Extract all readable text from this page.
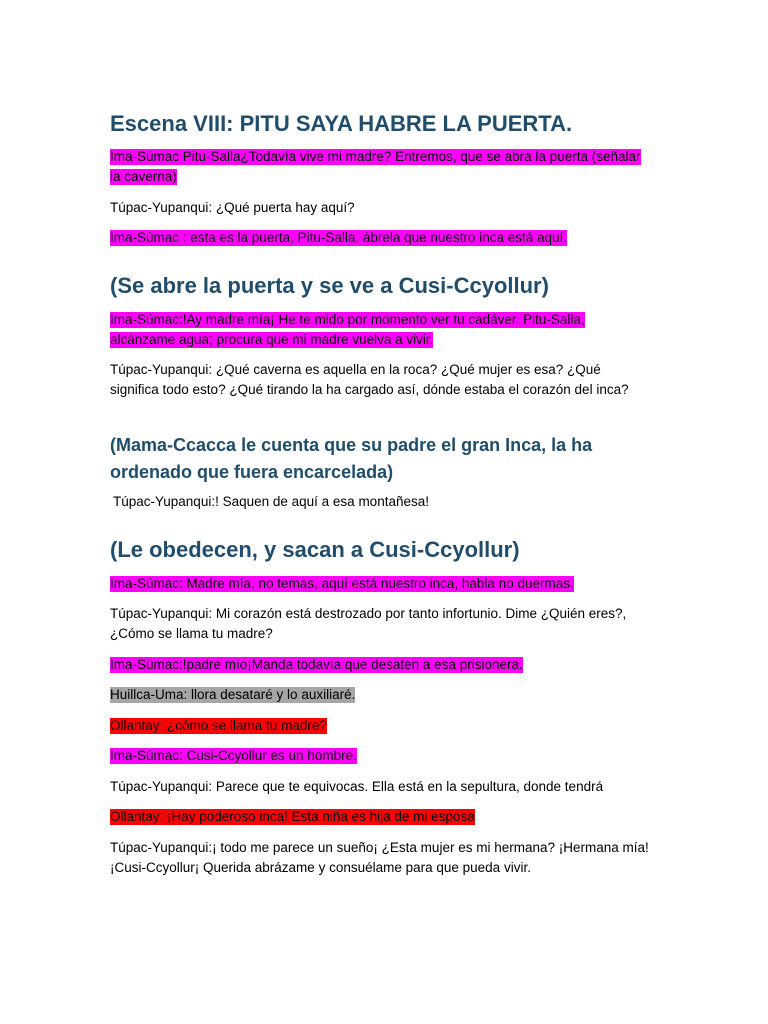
Escena VIII: PITU SAYA HABRE LA PUERTA.

Ima-Súmac Pitu-Salla¿Todavía vive mi madre? Entremos, que se abra la puerta (señalar la caverna)

Túpac-Yupanqui: ¿Qué puerta hay aquí?

Ima-Súmac : esta es la puerta, Pitu-Salla, ábrela que nuestro inca está aquí.

(Se abre la puerta y se ve a Cusi-Ccyollur)

Ima-Súmac:!Ay madre mía¡ He te mido por momento ver tu cadáver. Pitu-Salla, alcánzame agua; procura que mi madre vuelva a vivir.

Túpac-Yupanqui: ¿Qué caverna es aquella en la roca? ¿Qué mujer es esa? ¿Qué significa todo esto? ¿Qué tirando la ha cargado así, dónde estaba el corazón del inca?

(Mama-Ccacca le cuenta que su padre el gran Inca, la ha ordenado que fuera encarcelada)

Túpac-Yupanqui:! Saquen de aquí a esa montañesa!

(Le obedecen, y sacan a Cusi-Ccyollur)

Ima-Súmac: Madre mía, no temas, aquí está nuestro inca, habla no duermas.

Túpac-Yupanqui: Mi corazón está destrozado por tanto infortunio. Dime ¿Quién eres?, ¿Cómo se llama tu madre?

Ima-Súmac:!padre mío¡Manda todavía que desaten a esa prisionera.

Huillca-Uma: llora desataré y lo auxiliaré.

Ollantay: ¿cómo se llama tu madre?

Ima-Súmac: Cusi-Ccyollur es un hombre.

Túpac-Yupanqui: Parece que te equivocas. Ella está en la sepultura, donde tendrá

Ollantay: ¡Hay poderoso inca! Esta niña es hija de mi esposa

Túpac-Yupanqui:¡ todo me parece un sueño¡ ¿Esta mujer es mi hermana? ¡Hermana mía! ¡Cusi-Ccyollur¡ Querida abrázame y consuélame para que pueda vivir.
